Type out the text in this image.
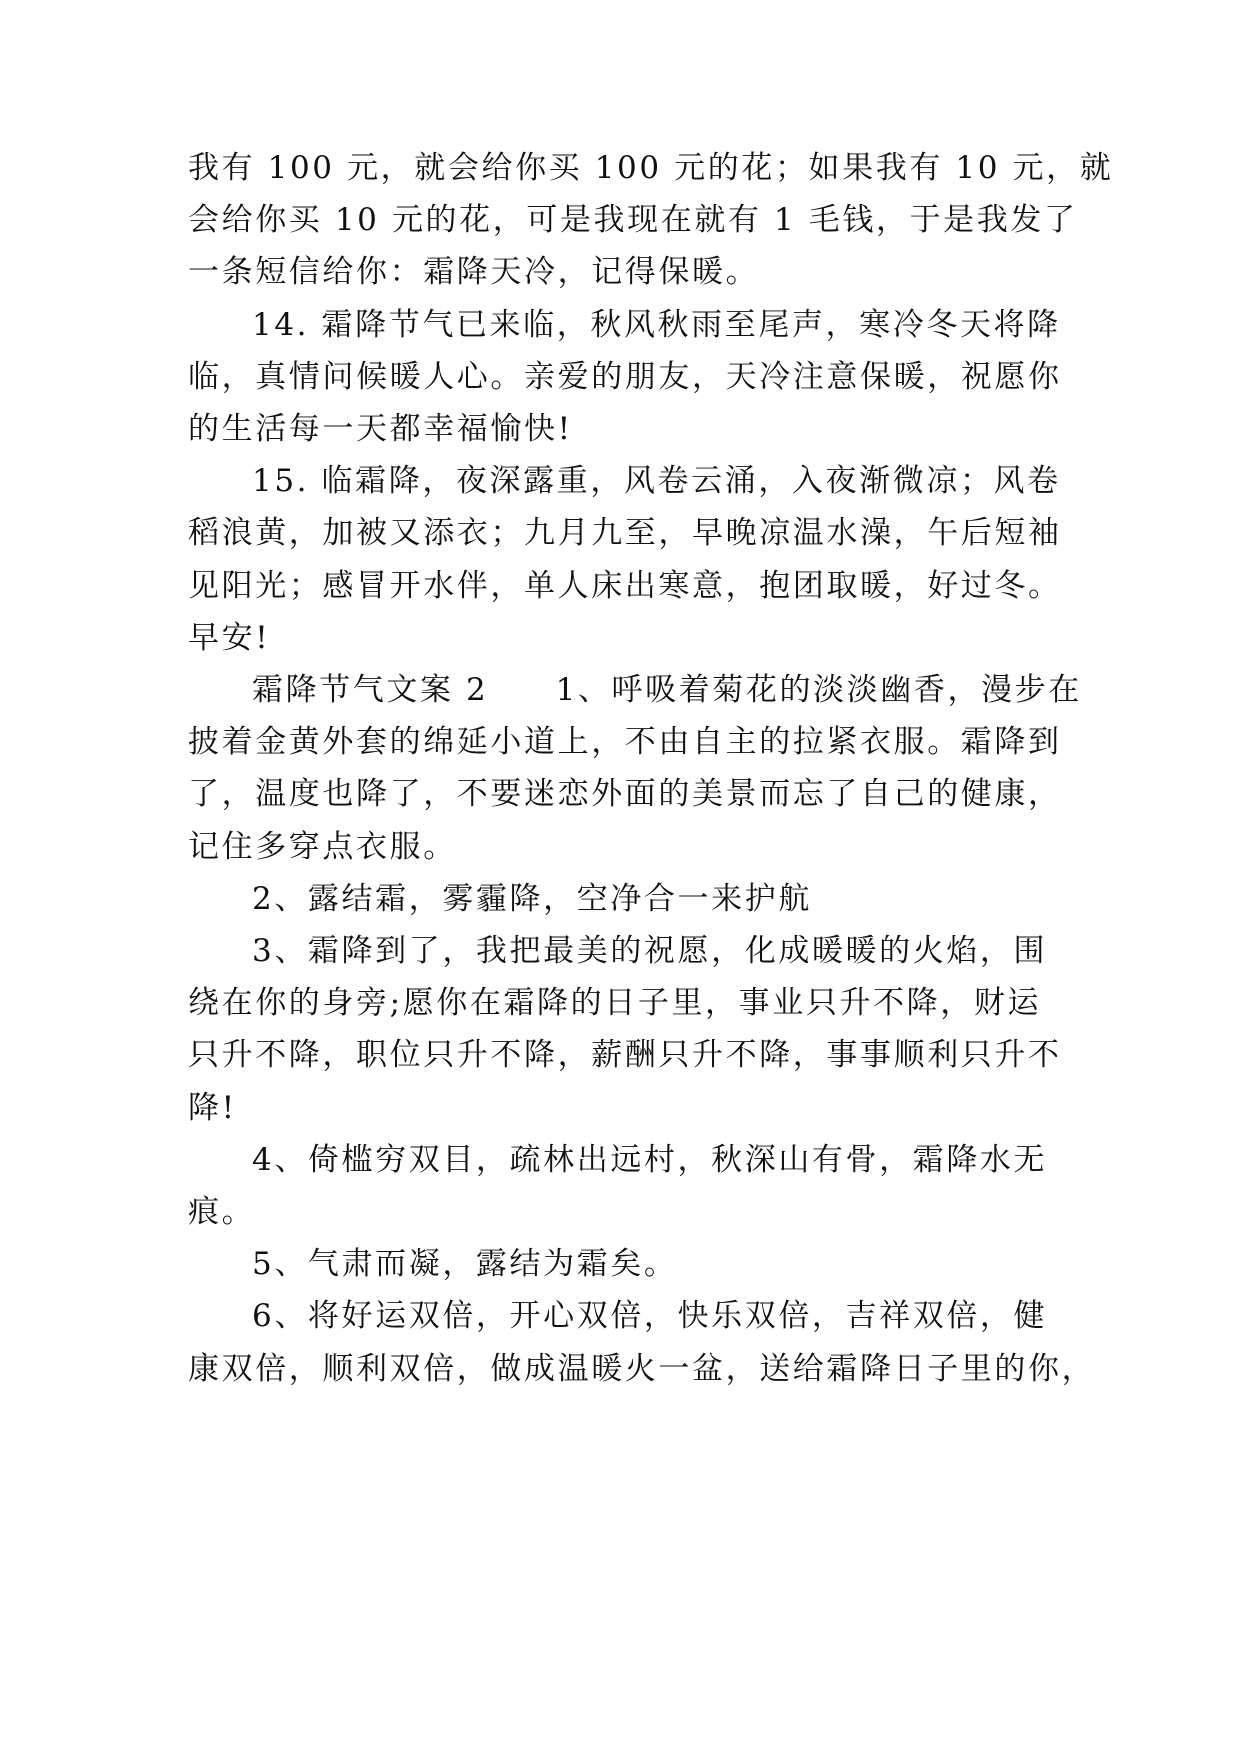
我有 100 元，就会给你买 100 元的花；如果我有 10 元，就
会给你买 10 元的花，可是我现在就有 1 毛钱，于是我发了
一条短信给你：霜降天冷，记得保暖。
14. 霜降节气已来临，秋风秋雨至尾声，寒冷冬天将降
临，真情问候暖人心。亲爱的朋友，天冷注意保暖，祝愿你
的生活每一天都幸福愉快!
15. 临霜降，夜深露重，风卷云涌，入夜渐微凉；风卷
稻浪黄，加被又添衣；九月九至，早晚凉温水澡，午后短袖
见阳光；感冒开水伴，单人床出寒意，抱团取暖，好过冬。
早安!
霜降节气文案 2　　1、呼吸着菊花的淡淡幽香，漫步在
披着金黄外套的绵延小道上，不由自主的拉紧衣服。霜降到
了，温度也降了，不要迷恋外面的美景而忘了自己的健康，
记住多穿点衣服。
2、露结霜，雾霾降，空净合一来护航
3、霜降到了，我把最美的祝愿，化成暖暖的火焰，围
绕在你的身旁;愿你在霜降的日子里，事业只升不降，财运
只升不降，职位只升不降，薪酬只升不降，事事顺利只升不
降!
4、倚槛穷双目，疏林出远村，秋深山有骨，霜降水无
痕。
5、气肃而凝，露结为霜矣。
6、将好运双倍，开心双倍，快乐双倍，吉祥双倍，健
康双倍，顺利双倍，做成温暖火一盆，送给霜降日子里的你，
